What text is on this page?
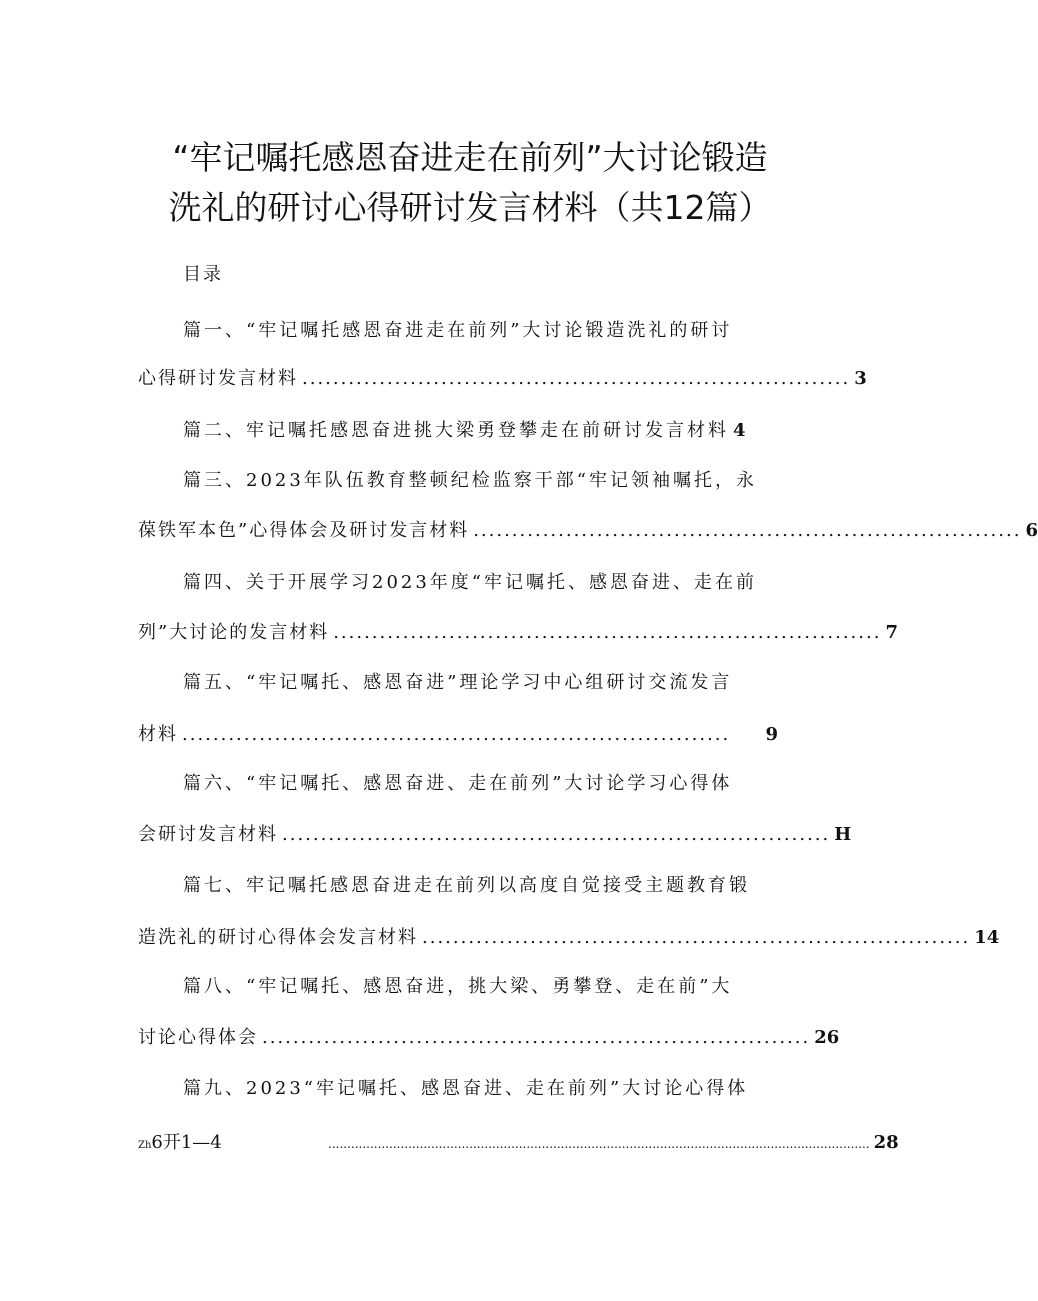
“牢记嘱托感恩奋进走在前列”大讨论锻造
洗礼的研讨心得研讨发言材料（共12篇）
目录
篇一、“牢记嘱托感恩奋进走在前列”大讨论锻造洗礼的研讨
心得研讨发言材料 ....................................................................... 3
篇二、牢记嘱托感恩奋进挑大梁勇登攀走在前研讨发言材料 4
篇三、2023年队伍教育整顿纪检监察干部“牢记领袖嘱托，永
葆铁军本色”心得体会及研讨发言材料 ....................................................................... 6
篇四、关于开展学习2023年度“牢记嘱托、感恩奋进、走在前
列”大讨论的发言材料 ....................................................................... 7
篇五、“牢记嘱托、感恩奋进”理论学习中心组研讨交流发言
材料 .......................................................................	9
篇六、“牢记嘱托、感恩奋进、走在前列”大讨论学习心得体
会研讨发言材料 ....................................................................... H
篇七、牢记嘱托感恩奋进走在前列以高度自觉接受主题教育锻
造洗礼的研讨心得体会发言材料 ....................................................................... 14
篇八、“牢记嘱托、感恩奋进，挑大梁、勇攀登、走在前”大
讨论心得体会 ....................................................................... 26
篇九、2023“牢记嘱托、感恩奋进、走在前列”大讨论心得体
Zh6开1—4	.............................................................................................................................................. 28
